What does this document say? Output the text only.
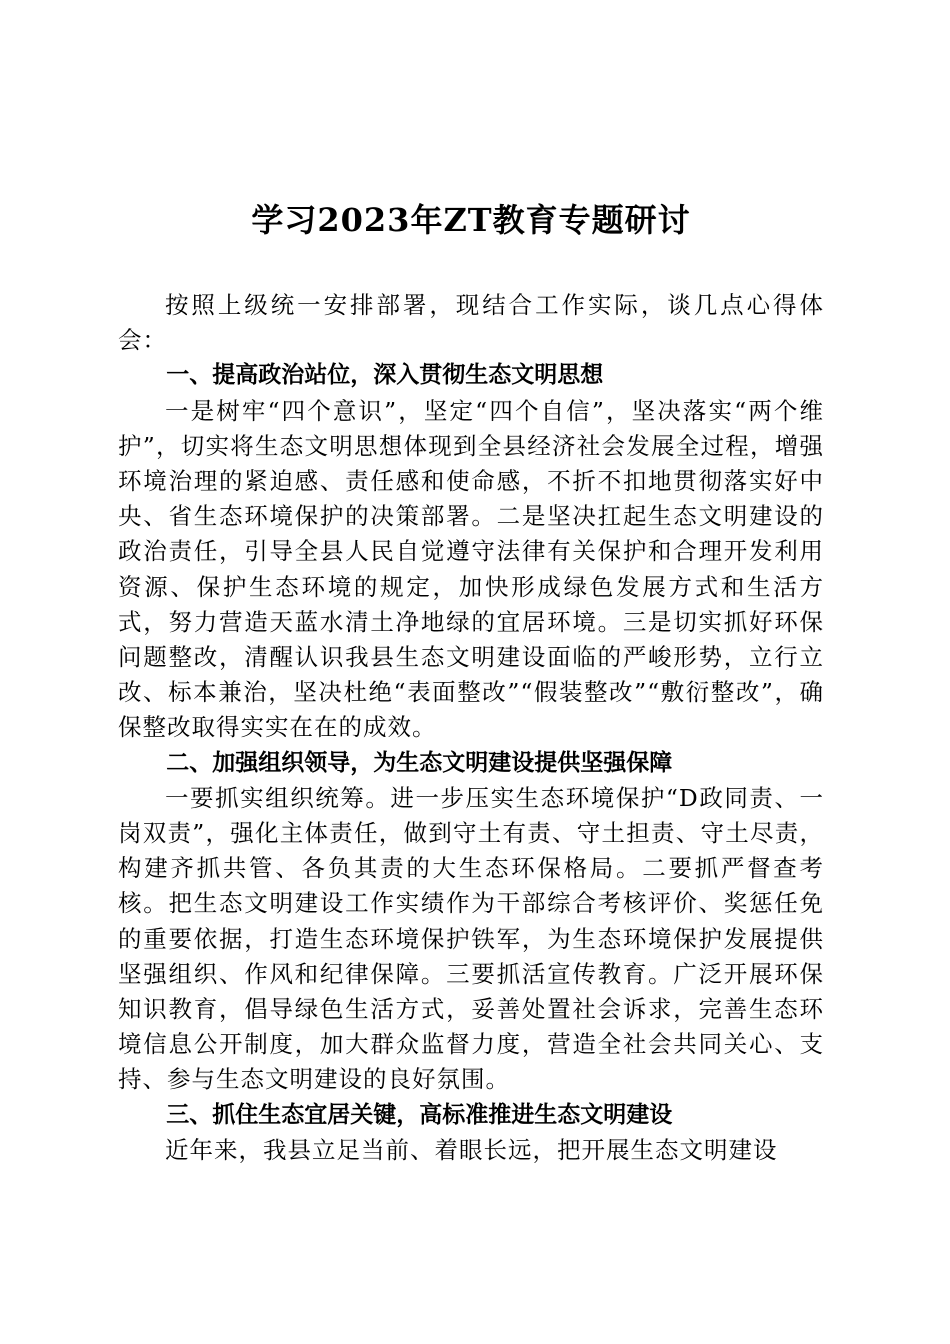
学习2023年ZT教育专题研讨

按照上级统一安排部署，现结合工作实际，谈几点心得体会：

一、提高政治站位，深入贯彻生态文明思想

一是树牢“四个意识”，坚定“四个自信”，坚决落实“两个维护”，切实将生态文明思想体现到全县经济社会发展全过程，增强环境治理的紧迫感、责任感和使命感，不折不扣地贯彻落实好中央、省生态环境保护的决策部署。二是坚决扛起生态文明建设的政治责任，引导全县人民自觉遵守法律有关保护和合理开发利用资源、保护生态环境的规定，加快形成绿色发展方式和生活方式，努力营造天蓝水清土净地绿的宜居环境。三是切实抓好环保问题整改，清醒认识我县生态文明建设面临的严峻形势，立行立改、标本兼治，坚决杜绝“表面整改”“假装整改”“敷衍整改”，确保整改取得实实在在的成效。

二、加强组织领导，为生态文明建设提供坚强保障

一要抓实组织统筹。进一步压实生态环境保护“D政同责、一岗双责”，强化主体责任，做到守土有责、守土担责、守土尽责，构建齐抓共管、各负其责的大生态环保格局。二要抓严督查考核。把生态文明建设工作实绩作为干部综合考核评价、奖惩任免的重要依据，打造生态环境保护铁军，为生态环境保护发展提供坚强组织、作风和纪律保障。三要抓活宣传教育。广泛开展环保知识教育，倡导绿色生活方式，妥善处置社会诉求，完善生态环境信息公开制度，加大群众监督力度，营造全社会共同关心、支持、参与生态文明建设的良好氛围。

三、抓住生态宜居关键，高标准推进生态文明建设

近年来，我县立足当前、着眼长远，把开展生态文明建设
